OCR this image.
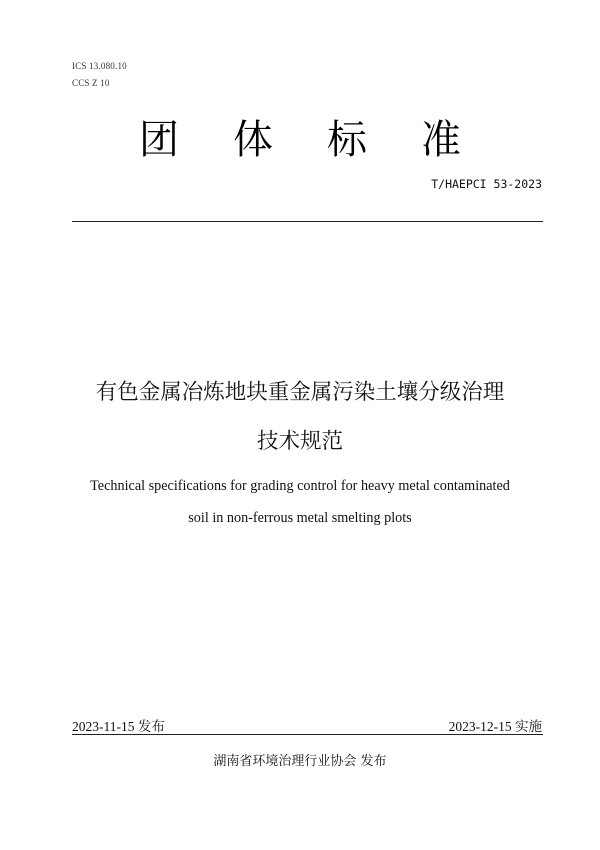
ICS 13.080.10
CCS Z 10
团 体 标 准
T/HAEPCI 53-2023
有色金属冶炼地块重金属污染土壤分级治理
技术规范
Technical specifications for grading control for heavy metal contaminated
soil in non-ferrous metal smelting plots
2023-11-15 发布	2023-12-15 实施
湖南省环境治理行业协会 发布
